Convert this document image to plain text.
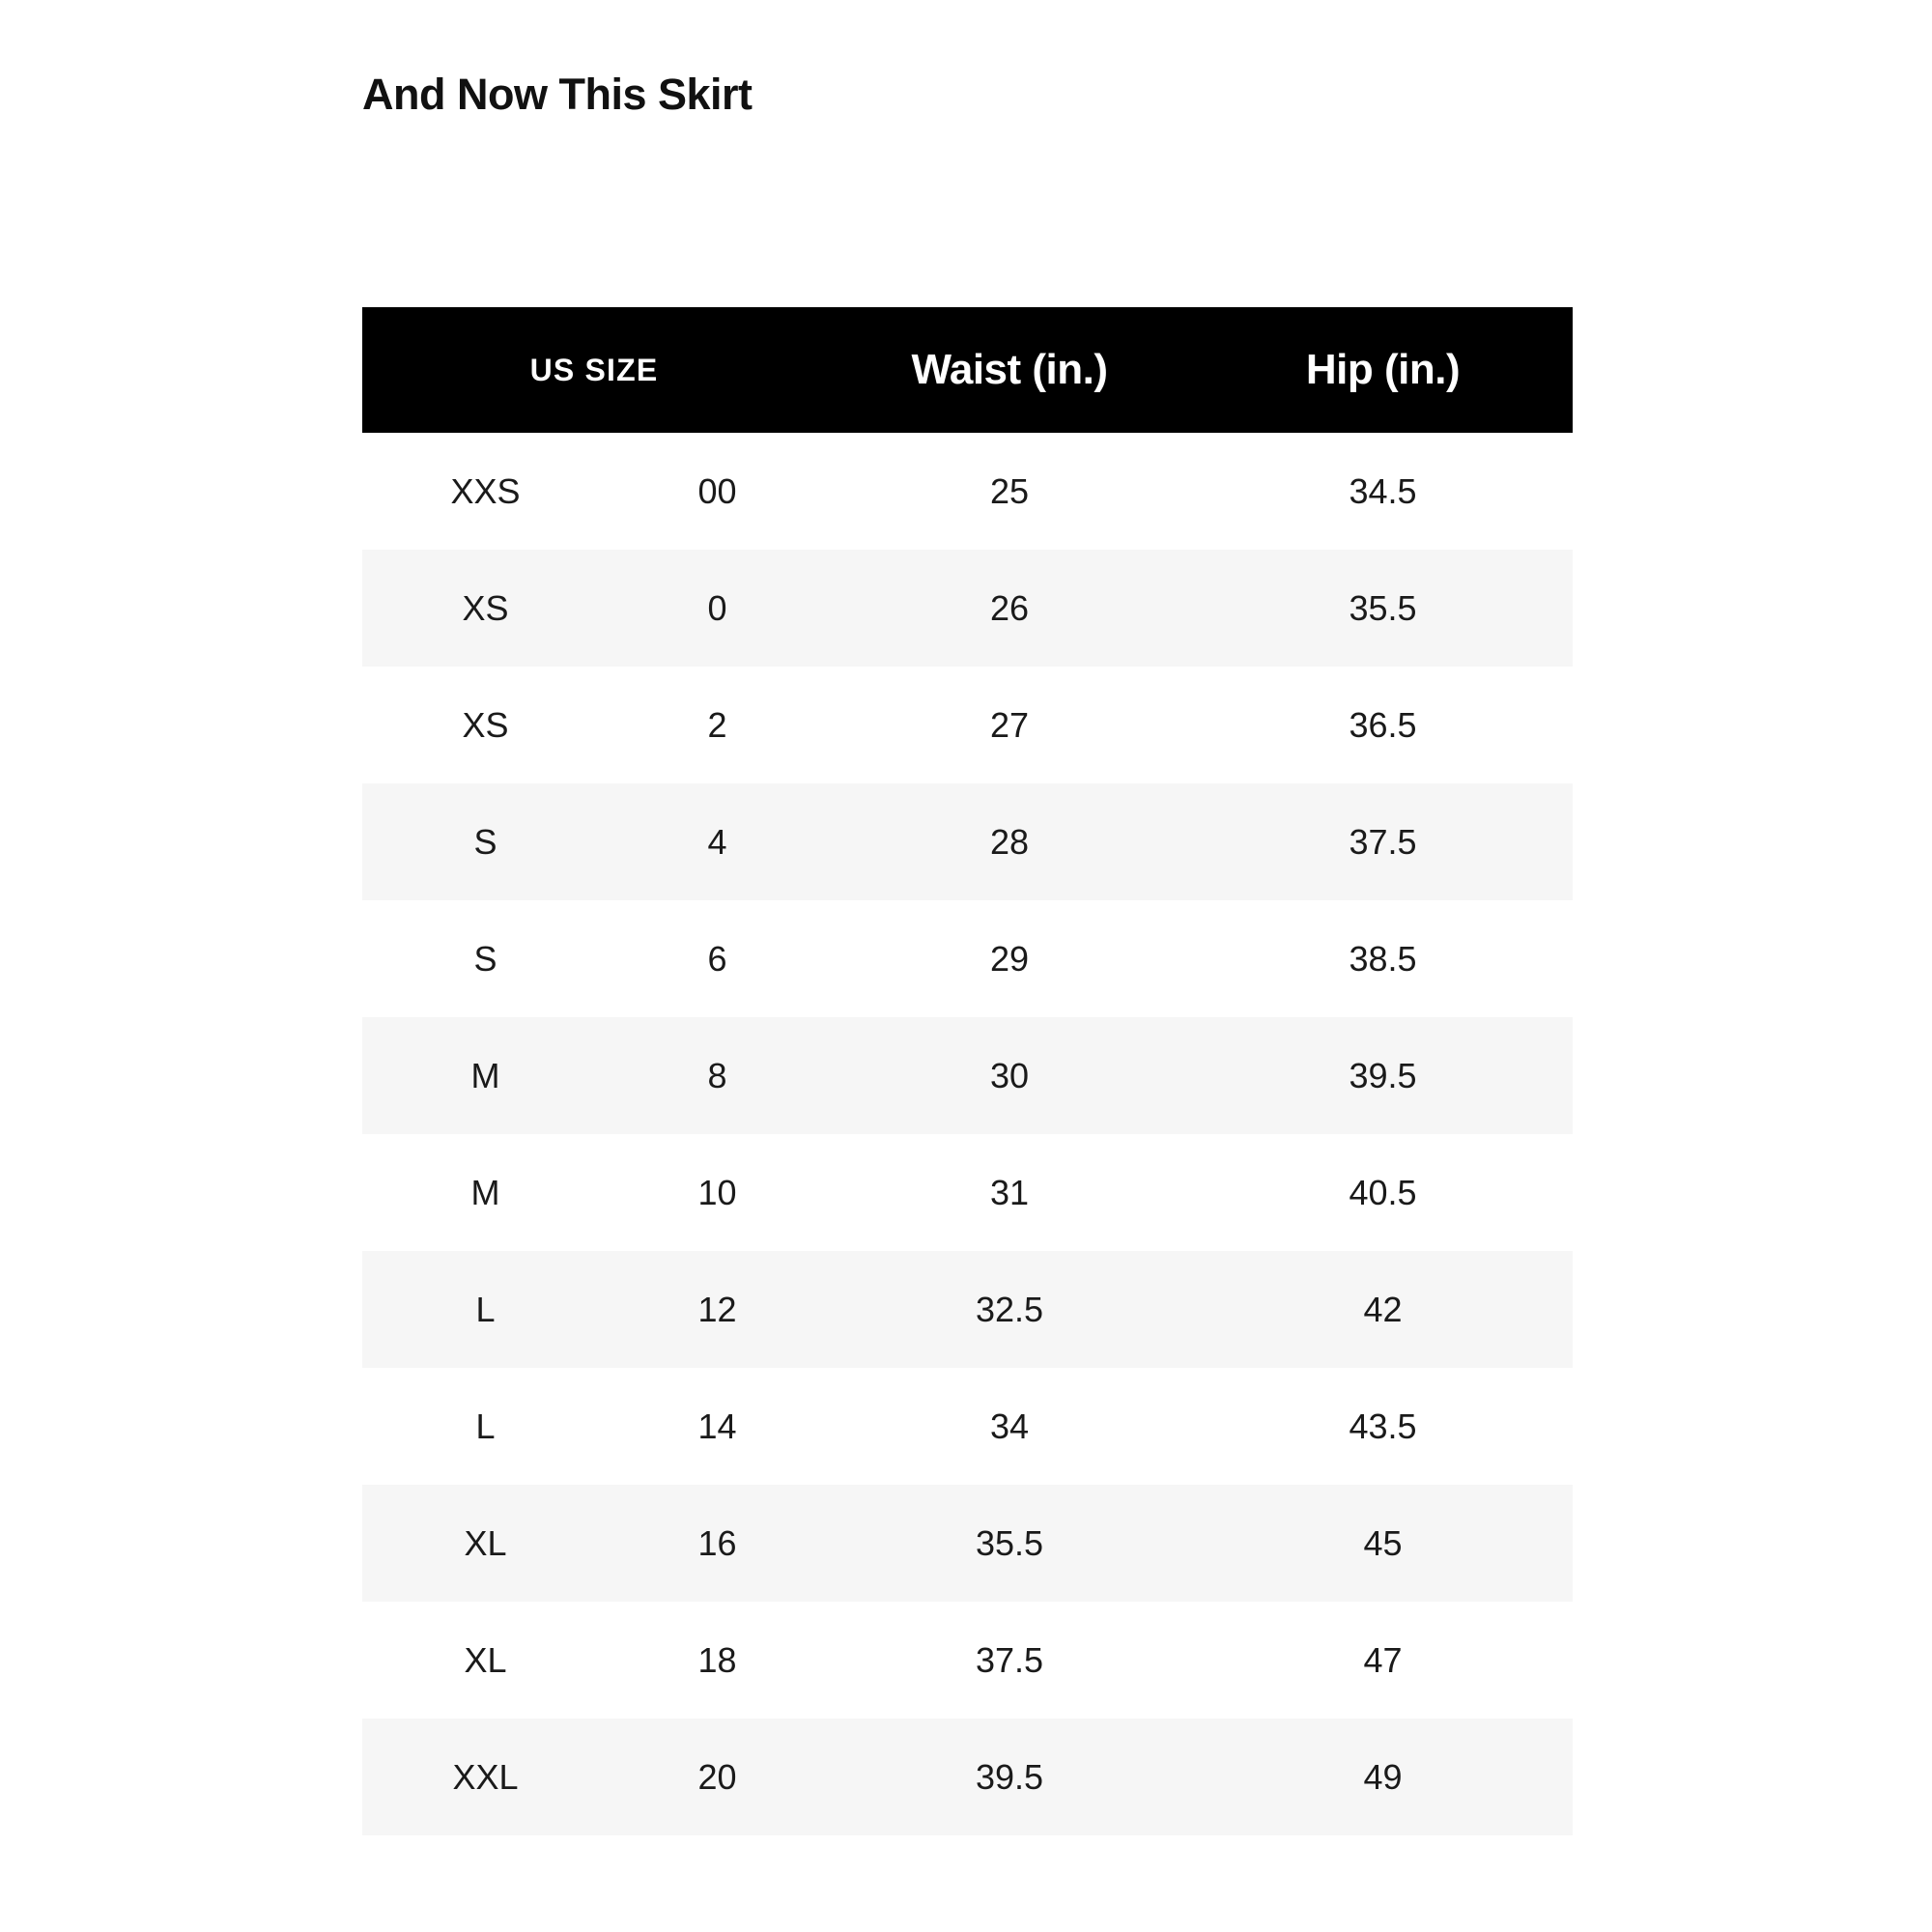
And Now This Skirt
US SIZE		Waist (in.)	Hip (in.)
XXS	00	25	34.5
XS	0	26	35.5
XS	2	27	36.5
S	4	28	37.5
S	6	29	38.5
M	8	30	39.5
M	10	31	40.5
L	12	32.5	42
L	14	34	43.5
XL	16	35.5	45
XL	18	37.5	47
XXL	20	39.5	49
